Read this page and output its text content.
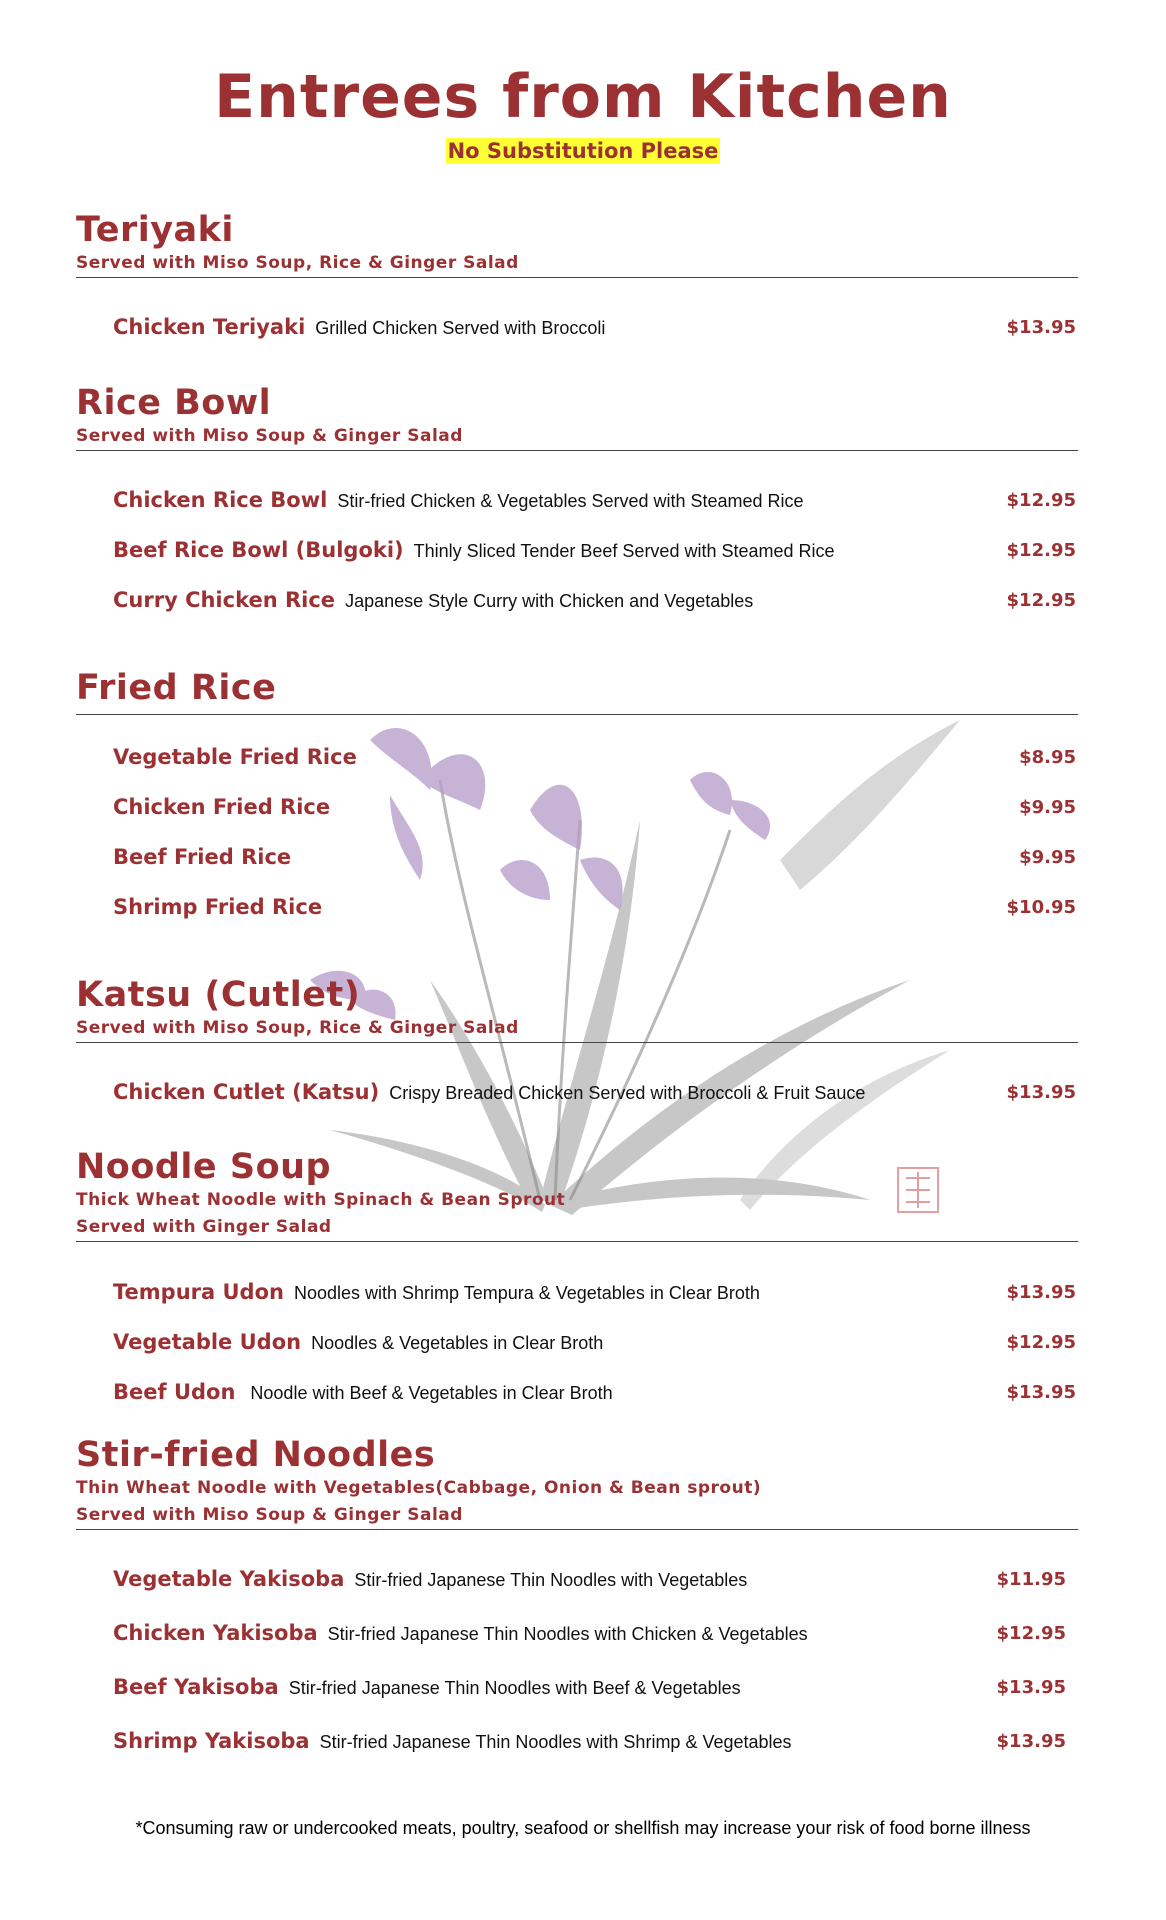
Entrees from Kitchen
No Substitution Please
Teriyaki
Served with Miso Soup, Rice & Ginger Salad
Chicken Teriyaki Grilled Chicken Served with Broccoli	$13.95
Rice Bowl
Served with Miso Soup & Ginger Salad
Chicken Rice Bowl Stir-fried Chicken & Vegetables Served with Steamed Rice	$12.95
Beef Rice Bowl (Bulgoki) Thinly Sliced Tender Beef Served with Steamed Rice	$12.95
Curry Chicken Rice Japanese Style Curry with Chicken and Vegetables	$12.95
Fried Rice
Vegetable Fried Rice	$8.95
Chicken Fried Rice	$9.95
Beef Fried Rice	$9.95
Shrimp Fried Rice	$10.95
Katsu (Cutlet)
Served with Miso Soup, Rice & Ginger Salad
Chicken Cutlet (Katsu) Crispy Breaded Chicken Served with Broccoli & Fruit Sauce	$13.95
Noodle Soup
Thick Wheat Noodle with Spinach & Bean Sprout
Served with Ginger Salad
Tempura Udon Noodles with Shrimp Tempura & Vegetables in Clear Broth	$13.95
Vegetable Udon Noodles & Vegetables in Clear Broth	$12.95
Beef Udon Noodle with Beef & Vegetables in Clear Broth	$13.95
Stir-fried Noodles
Thin Wheat Noodle with Vegetables(Cabbage, Onion & Bean sprout)
Served with Miso Soup & Ginger Salad
Vegetable Yakisoba Stir-fried Japanese Thin Noodles with Vegetables	$11.95
Chicken Yakisoba Stir-fried Japanese Thin Noodles with Chicken & Vegetables	$12.95
Beef Yakisoba Stir-fried Japanese Thin Noodles with Beef & Vegetables	$13.95
Shrimp Yakisoba Stir-fried Japanese Thin Noodles with Shrimp & Vegetables	$13.95
*Consuming raw or undercooked meats, poultry, seafood or shellfish may increase your risk of food borne illness
